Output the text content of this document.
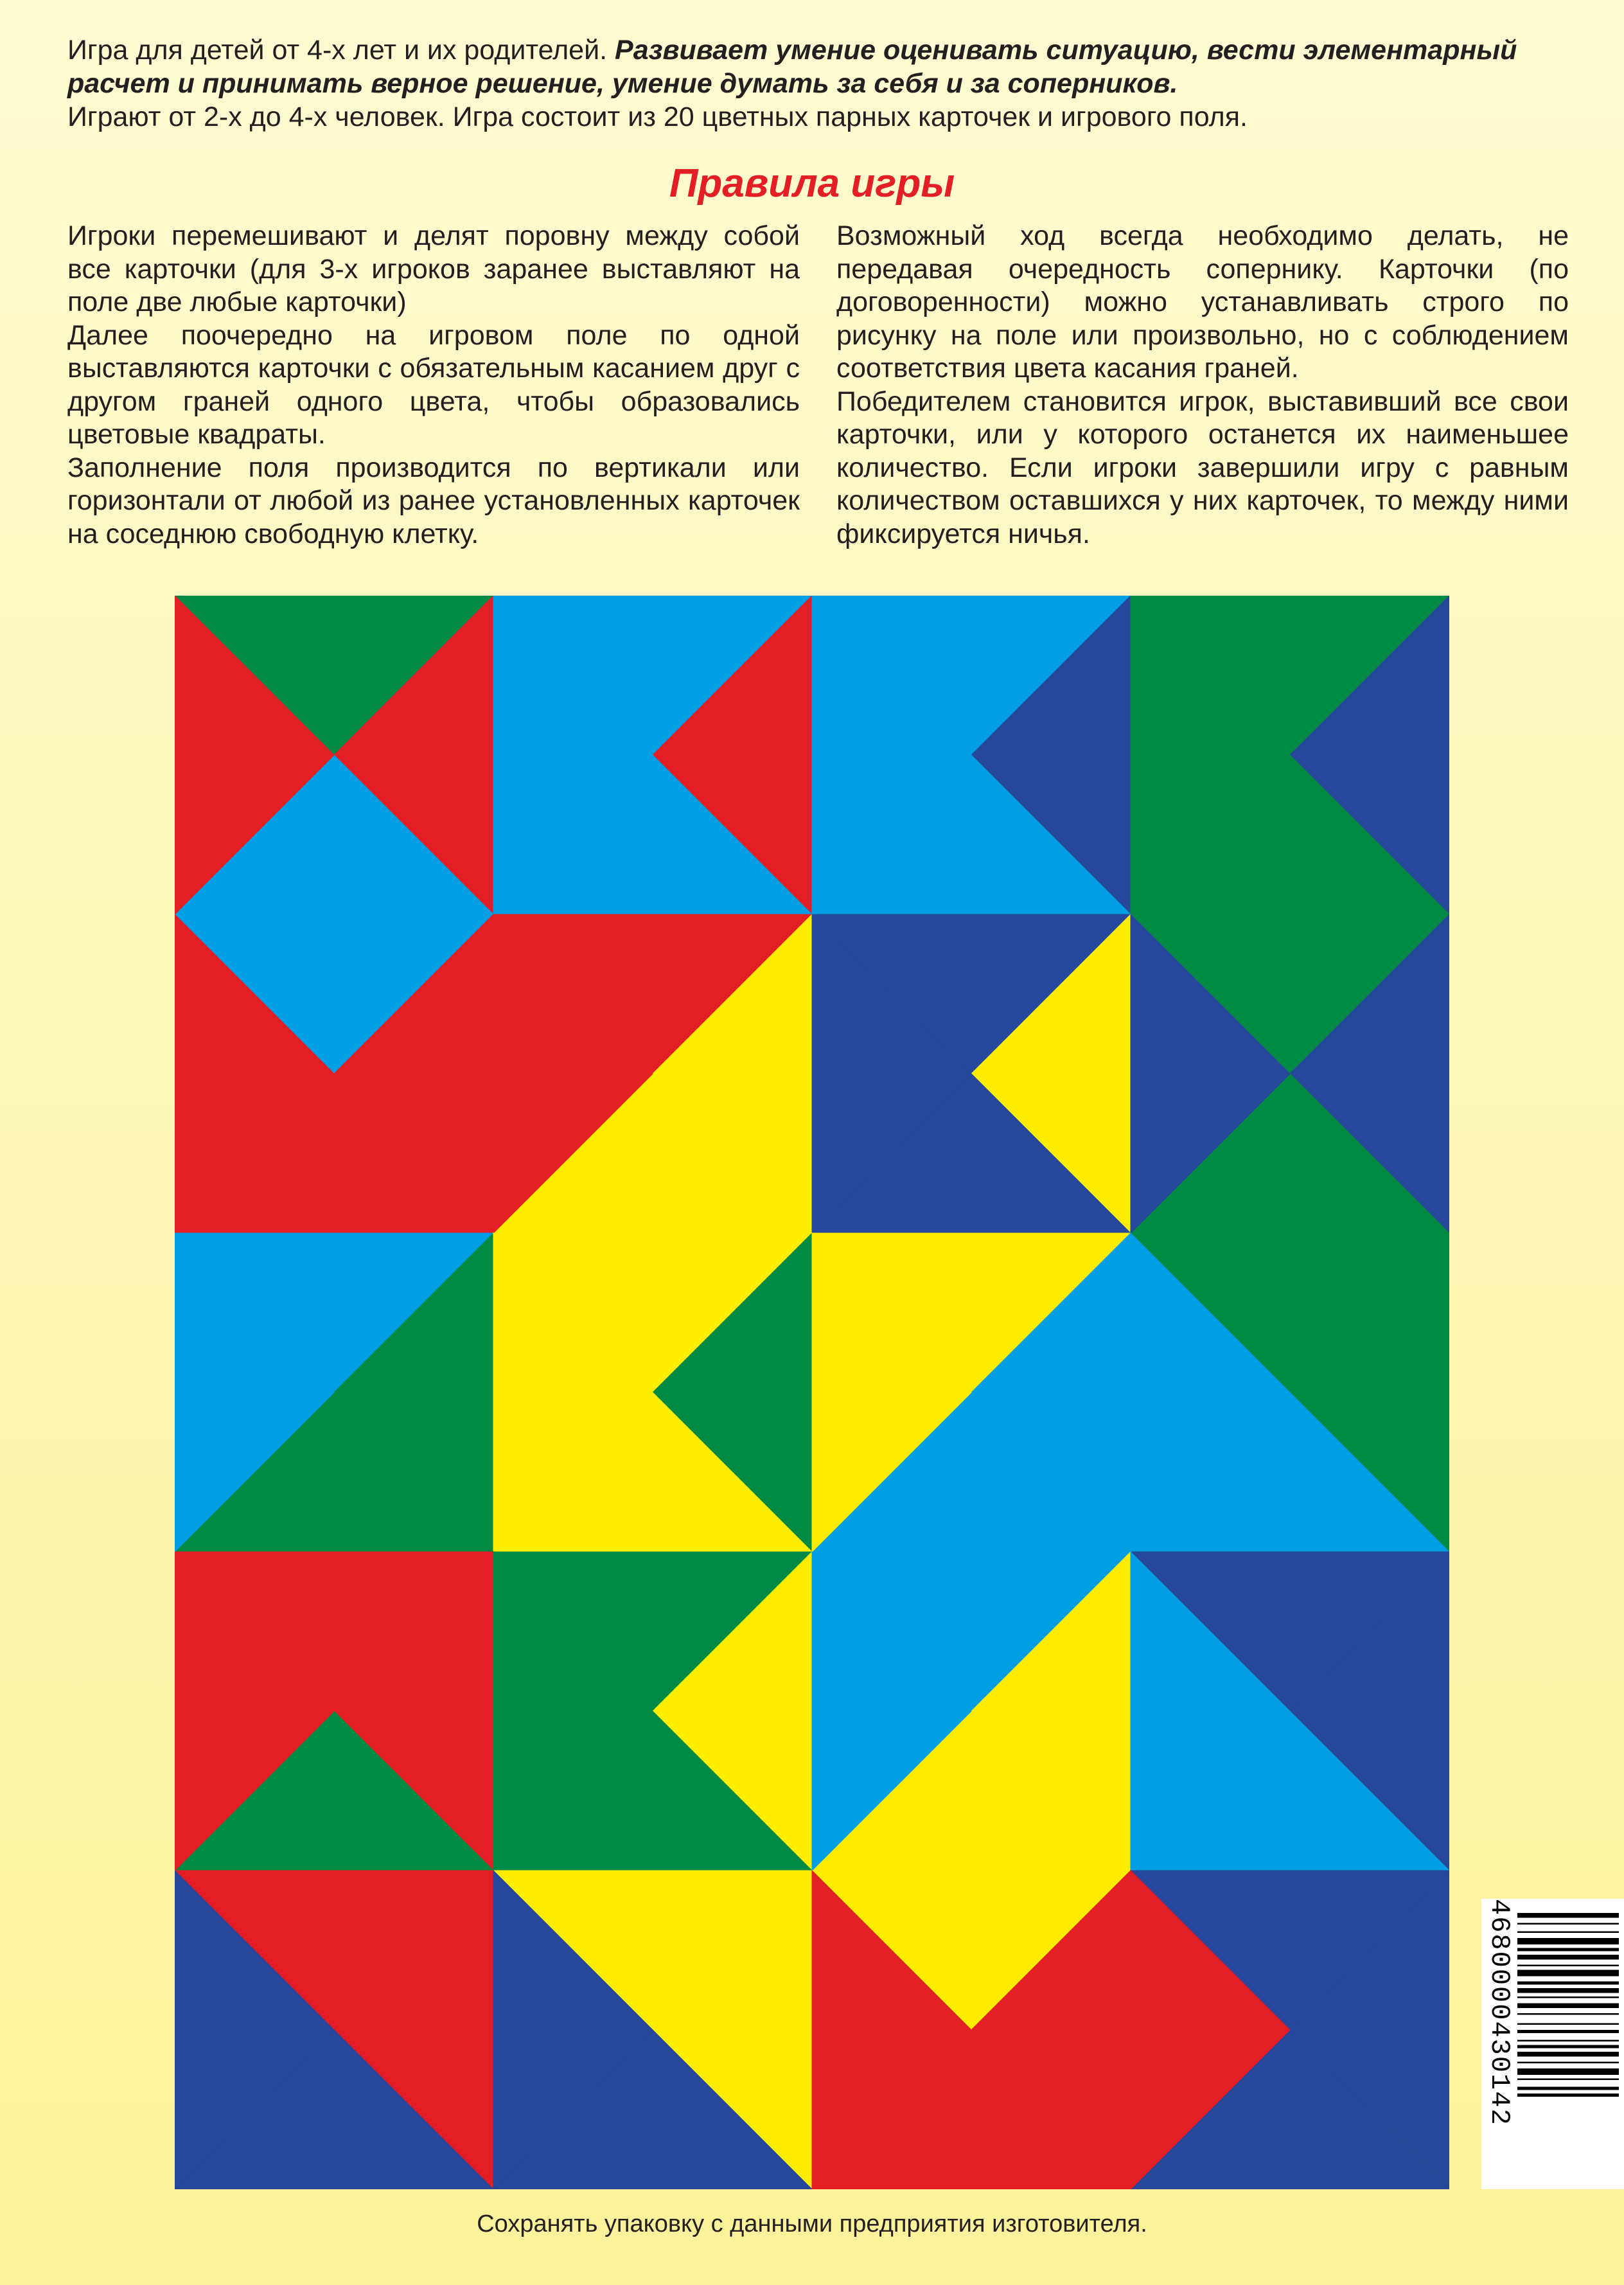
Игра для детей от 4-х лет и их родителей. Развивает умение оценивать ситуацию, вести элементарный расчет и принимать верное решение, умение думать за себя и за соперников.
Играют от 2-х до 4-х человек. Игра состоит из 20 цветных парных карточек и игрового поля.
Правила игры

Игроки перемешивают и делят поровну между собой все карточки (для 3-х игроков заранее выставляют на поле две любые карточки)

Далее поочередно на игровом поле по одной выставляются карточки с обязательным касанием друг с другом граней одного цвета, чтобы образовались цветовые квадраты.

Заполнение поля производится по вертикали или горизонтали от любой из ранее установленных карточек на соседнюю свободную клетку.

Возможный ход всегда необходимо делать, не передавая очередность сопернику. Карточки (по договоренности) можно устанавливать строго по рисунку на поле или произвольно, но с соблюдением соответствия цвета касания граней.

Победителем становится игрок, выставивший все свои карточки, или у которого останется их наименьшее количество. Если игроки завершили игру с равным количеством оставшихся у них карточек, то между ними фиксируется ничья.

4680000430142
Сохранять упаковку с данными предприятия изготовителя.
